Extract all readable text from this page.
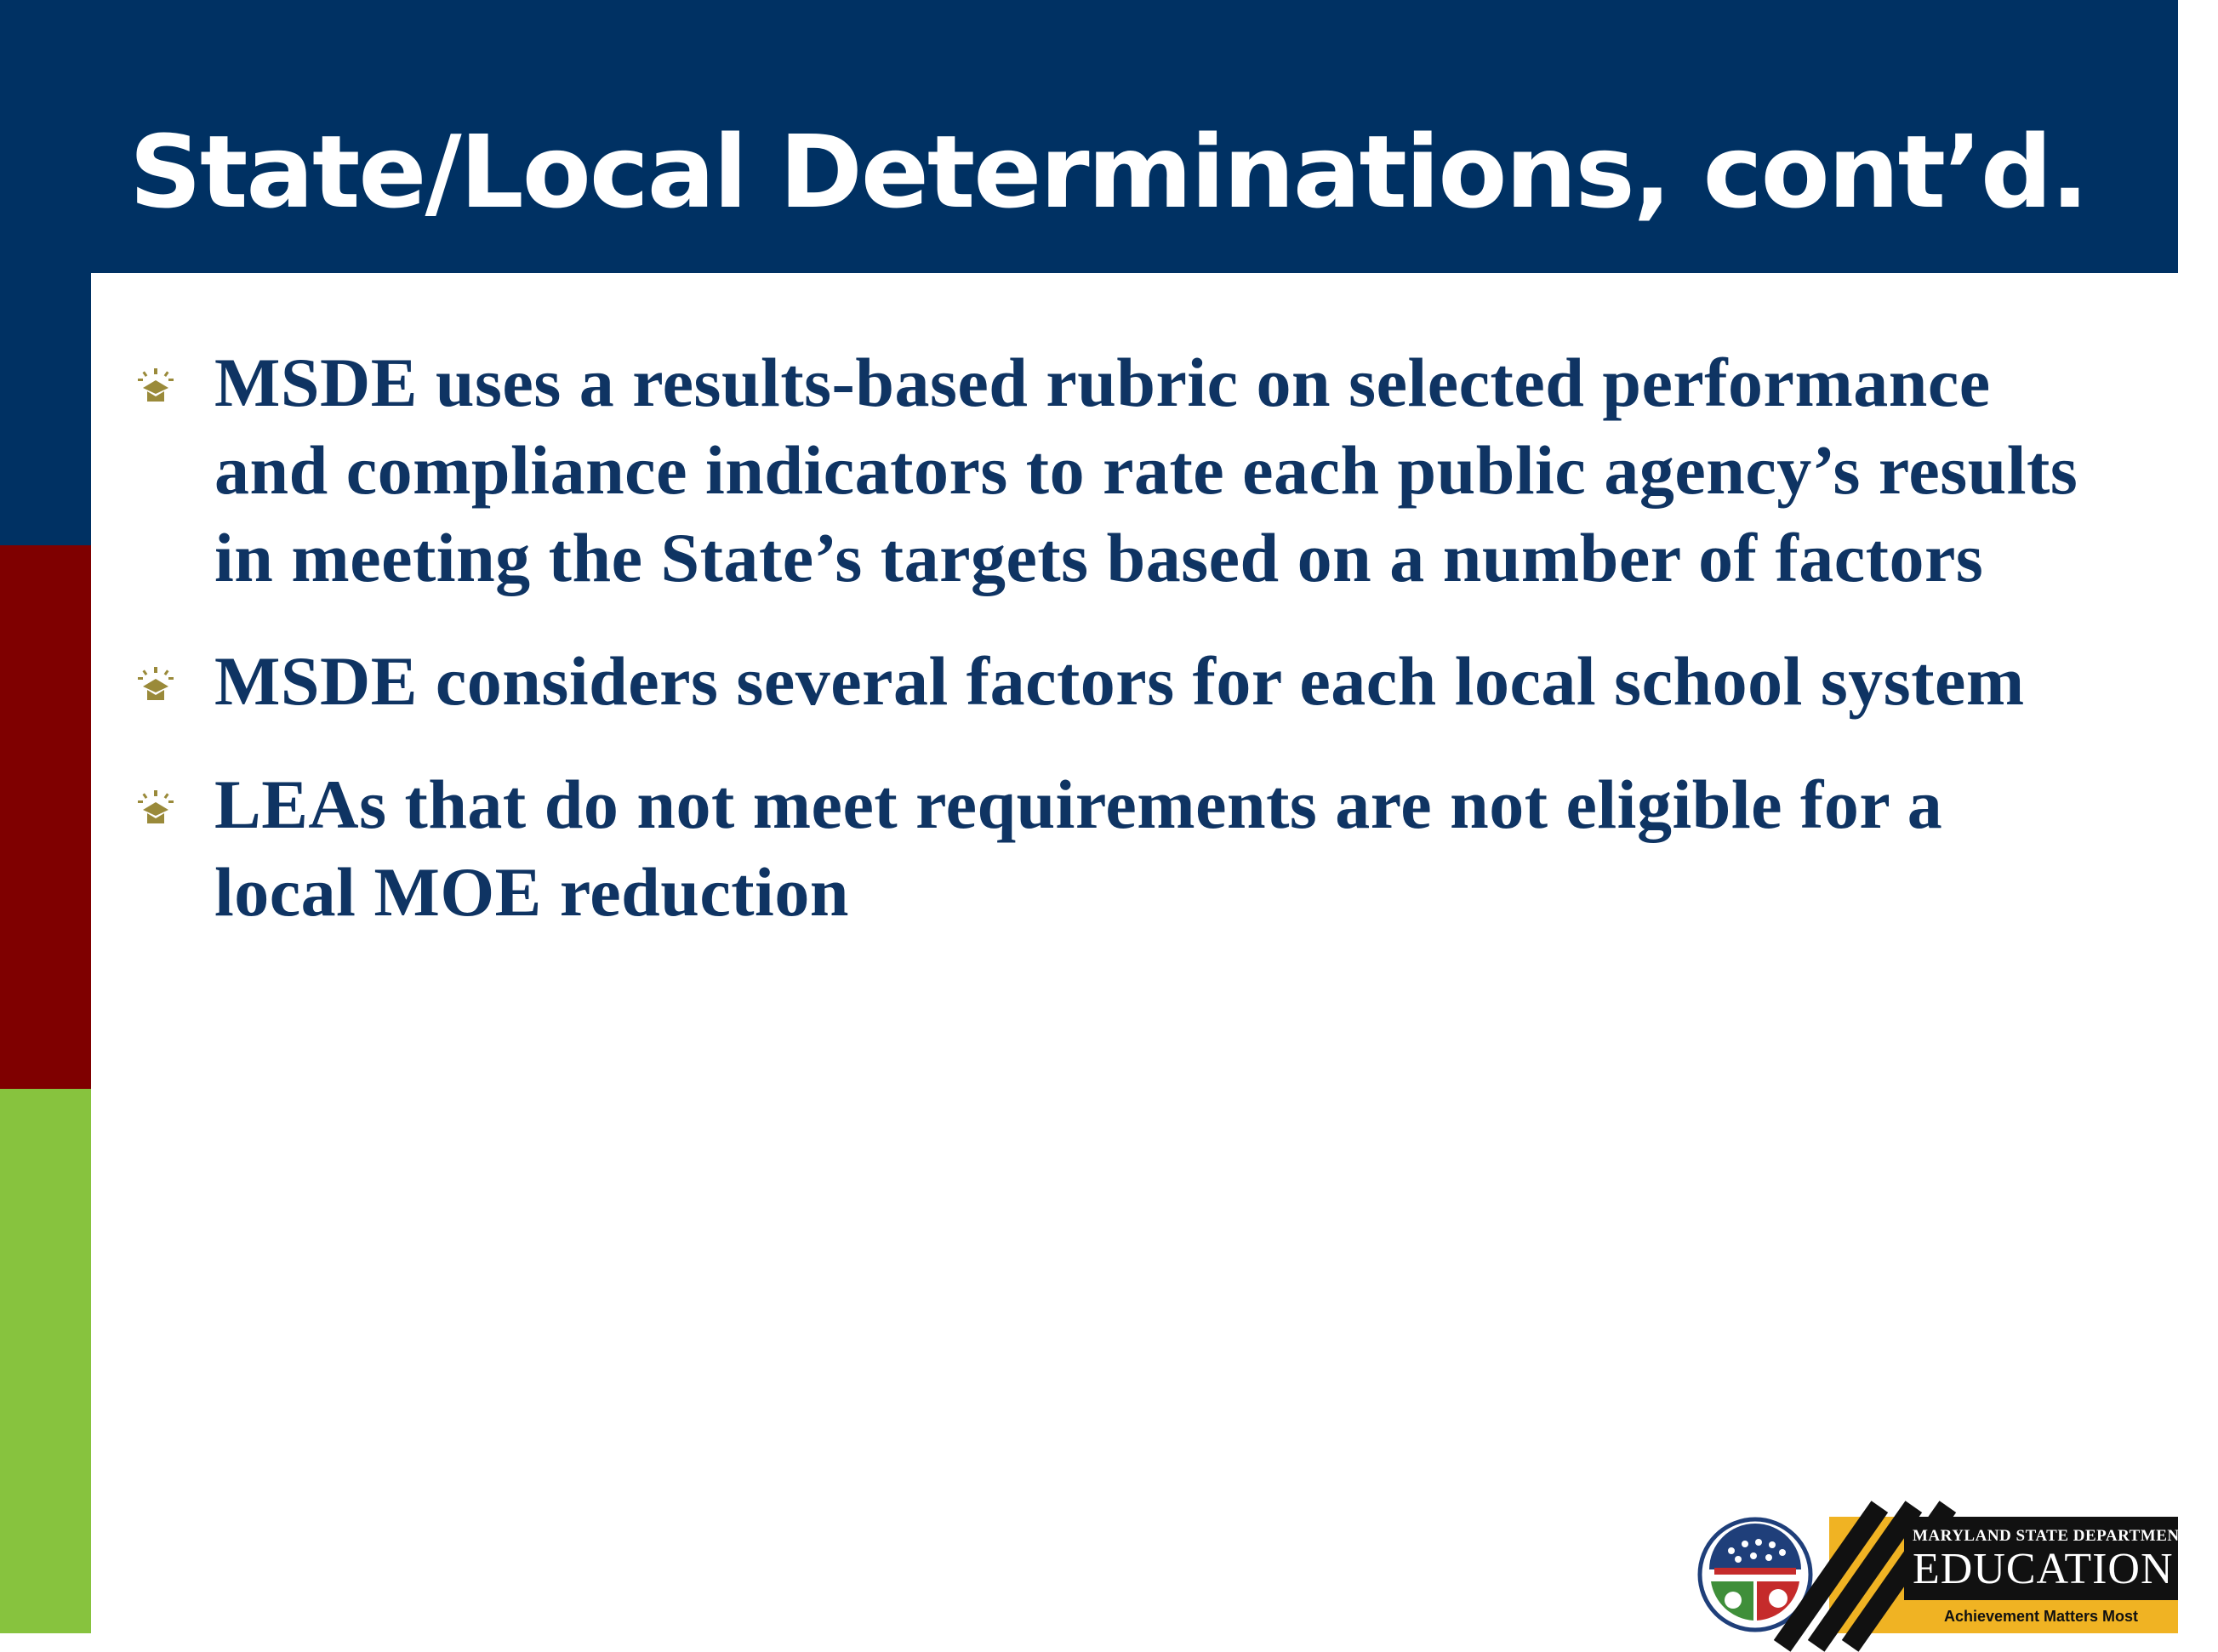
State/Local Determinations, cont’d.
MSDE uses a results-based rubric on selected performance and compliance indicators to rate each public agency’s results in meeting the State’s targets based on a number of factors
MSDE considers several factors for each local school system
LEAs that do not meet requirements are not eligible for a local MOE reduction
MARYLAND STATE DEPARTMENT OF
EDUCATION
Achievement Matters Most
